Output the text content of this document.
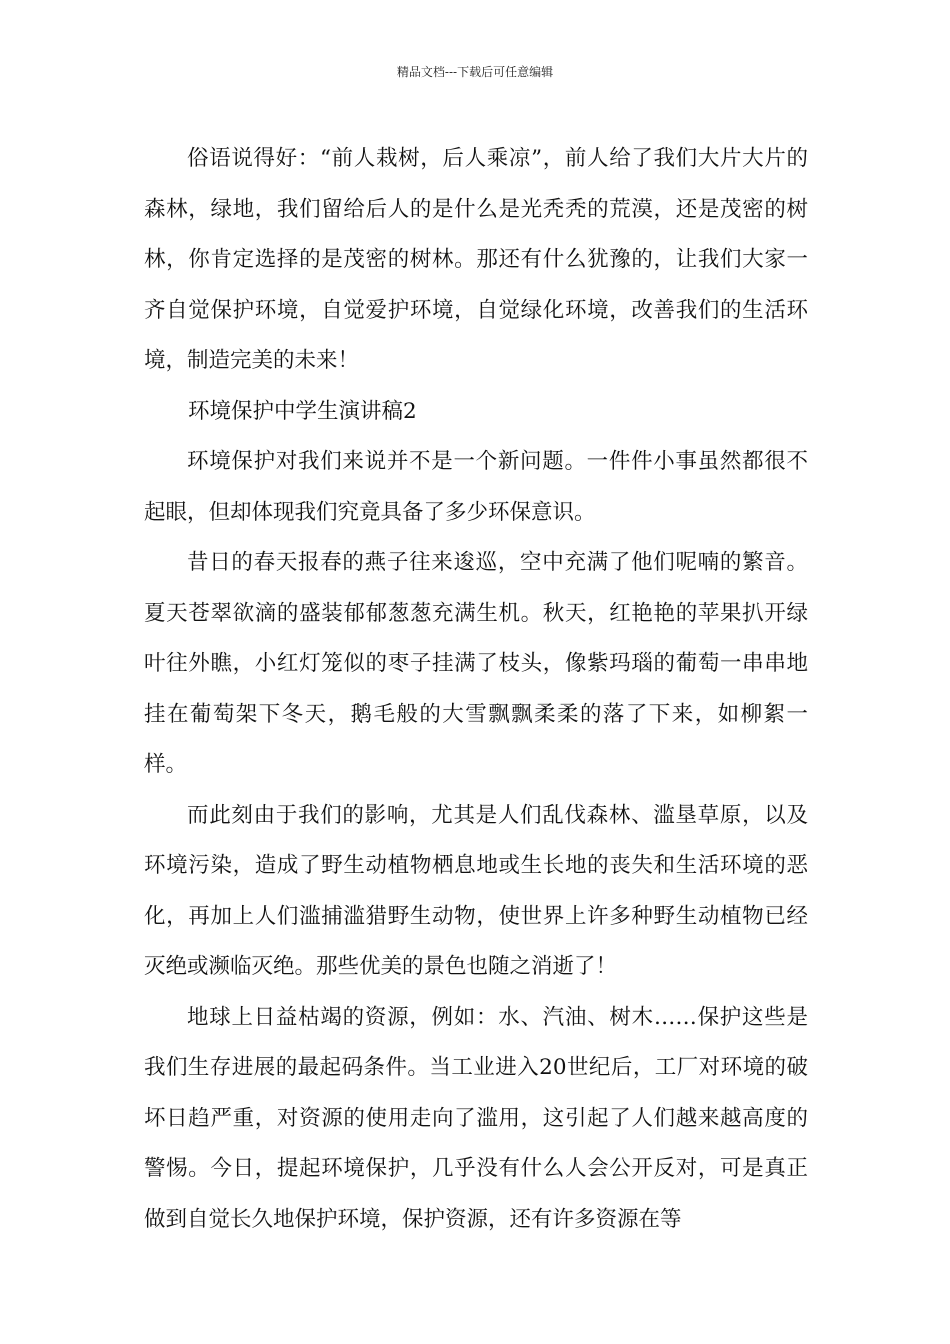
精品文档---下载后可任意编辑

俗语说得好：“前人栽树，后人乘凉”，前人给了我们大片大片的森林，绿地，我们留给后人的是什么是光秃秃的荒漠，还是茂密的树林，你肯定选择的是茂密的树林。那还有什么犹豫的，让我们大家一齐自觉保护环境，自觉爱护环境，自觉绿化环境，改善我们的生活环境，制造完美的未来！

环境保护中学生演讲稿2

环境保护对我们来说并不是一个新问题。一件件小事虽然都很不起眼，但却体现我们究竟具备了多少环保意识。

昔日的春天报春的燕子往来逡巡，空中充满了他们呢喃的繁音。夏天苍翠欲滴的盛装郁郁葱葱充满生机。秋天，红艳艳的苹果扒开绿叶往外瞧，小红灯笼似的枣子挂满了枝头，像紫玛瑙的葡萄一串串地挂在葡萄架下冬天，鹅毛般的大雪飘飘柔柔的落了下来，如柳絮一样。

而此刻由于我们的影响，尤其是人们乱伐森林、滥垦草原，以及环境污染，造成了野生动植物栖息地或生长地的丧失和生活环境的恶化，再加上人们滥捕滥猎野生动物，使世界上许多种野生动植物已经灭绝或濒临灭绝。那些优美的景色也随之消逝了！

地球上日益枯竭的资源，例如：水、汽油、树木……保护这些是我们生存进展的最起码条件。当工业进入20世纪后，工厂对环境的破坏日趋严重，对资源的使用走向了滥用，这引起了人们越来越高度的警惕。今日，提起环境保护，几乎没有什么人会公开反对，可是真正做到自觉长久地保护环境，保护资源，还有许多资源在等
